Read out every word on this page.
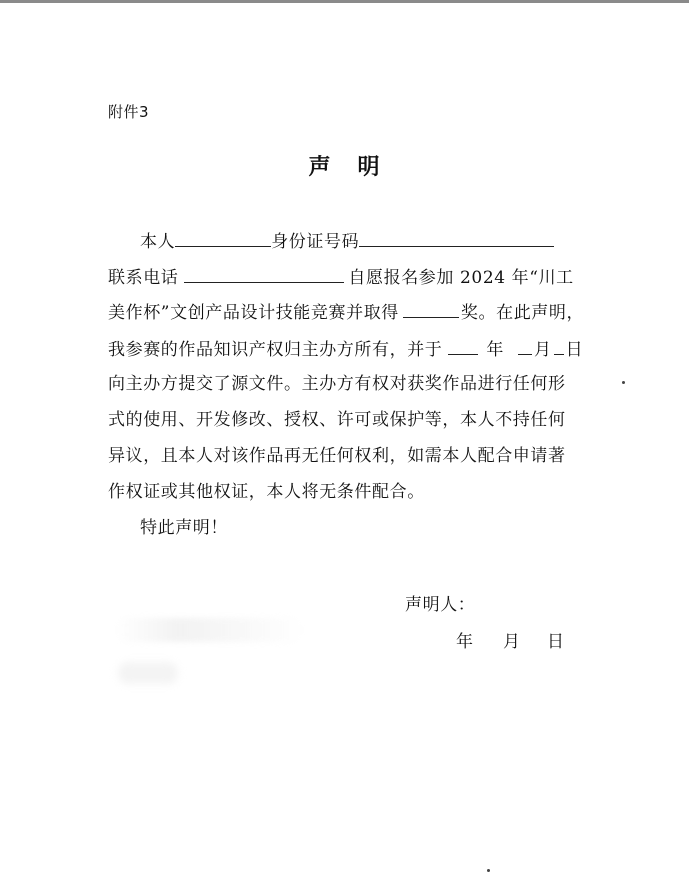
附件3
声 明
本人	身份证号码
联系电话	自愿报名参加 2024 年“川工
美作杯”文创产品设计技能竞赛并取得	奖。在此声明，
我参赛的作品知识产权归主办方所有，并于	年 月 日
向主办方提交了源文件。主办方有权对获奖作品进行任何形
式的使用、开发修改、授权、许可或保护等，本人不持任何
异议，且本人对该作品再无任何权利，如需本人配合申请著
作权证或其他权证，本人将无条件配合。
特此声明！
声明人：
年 月 日
